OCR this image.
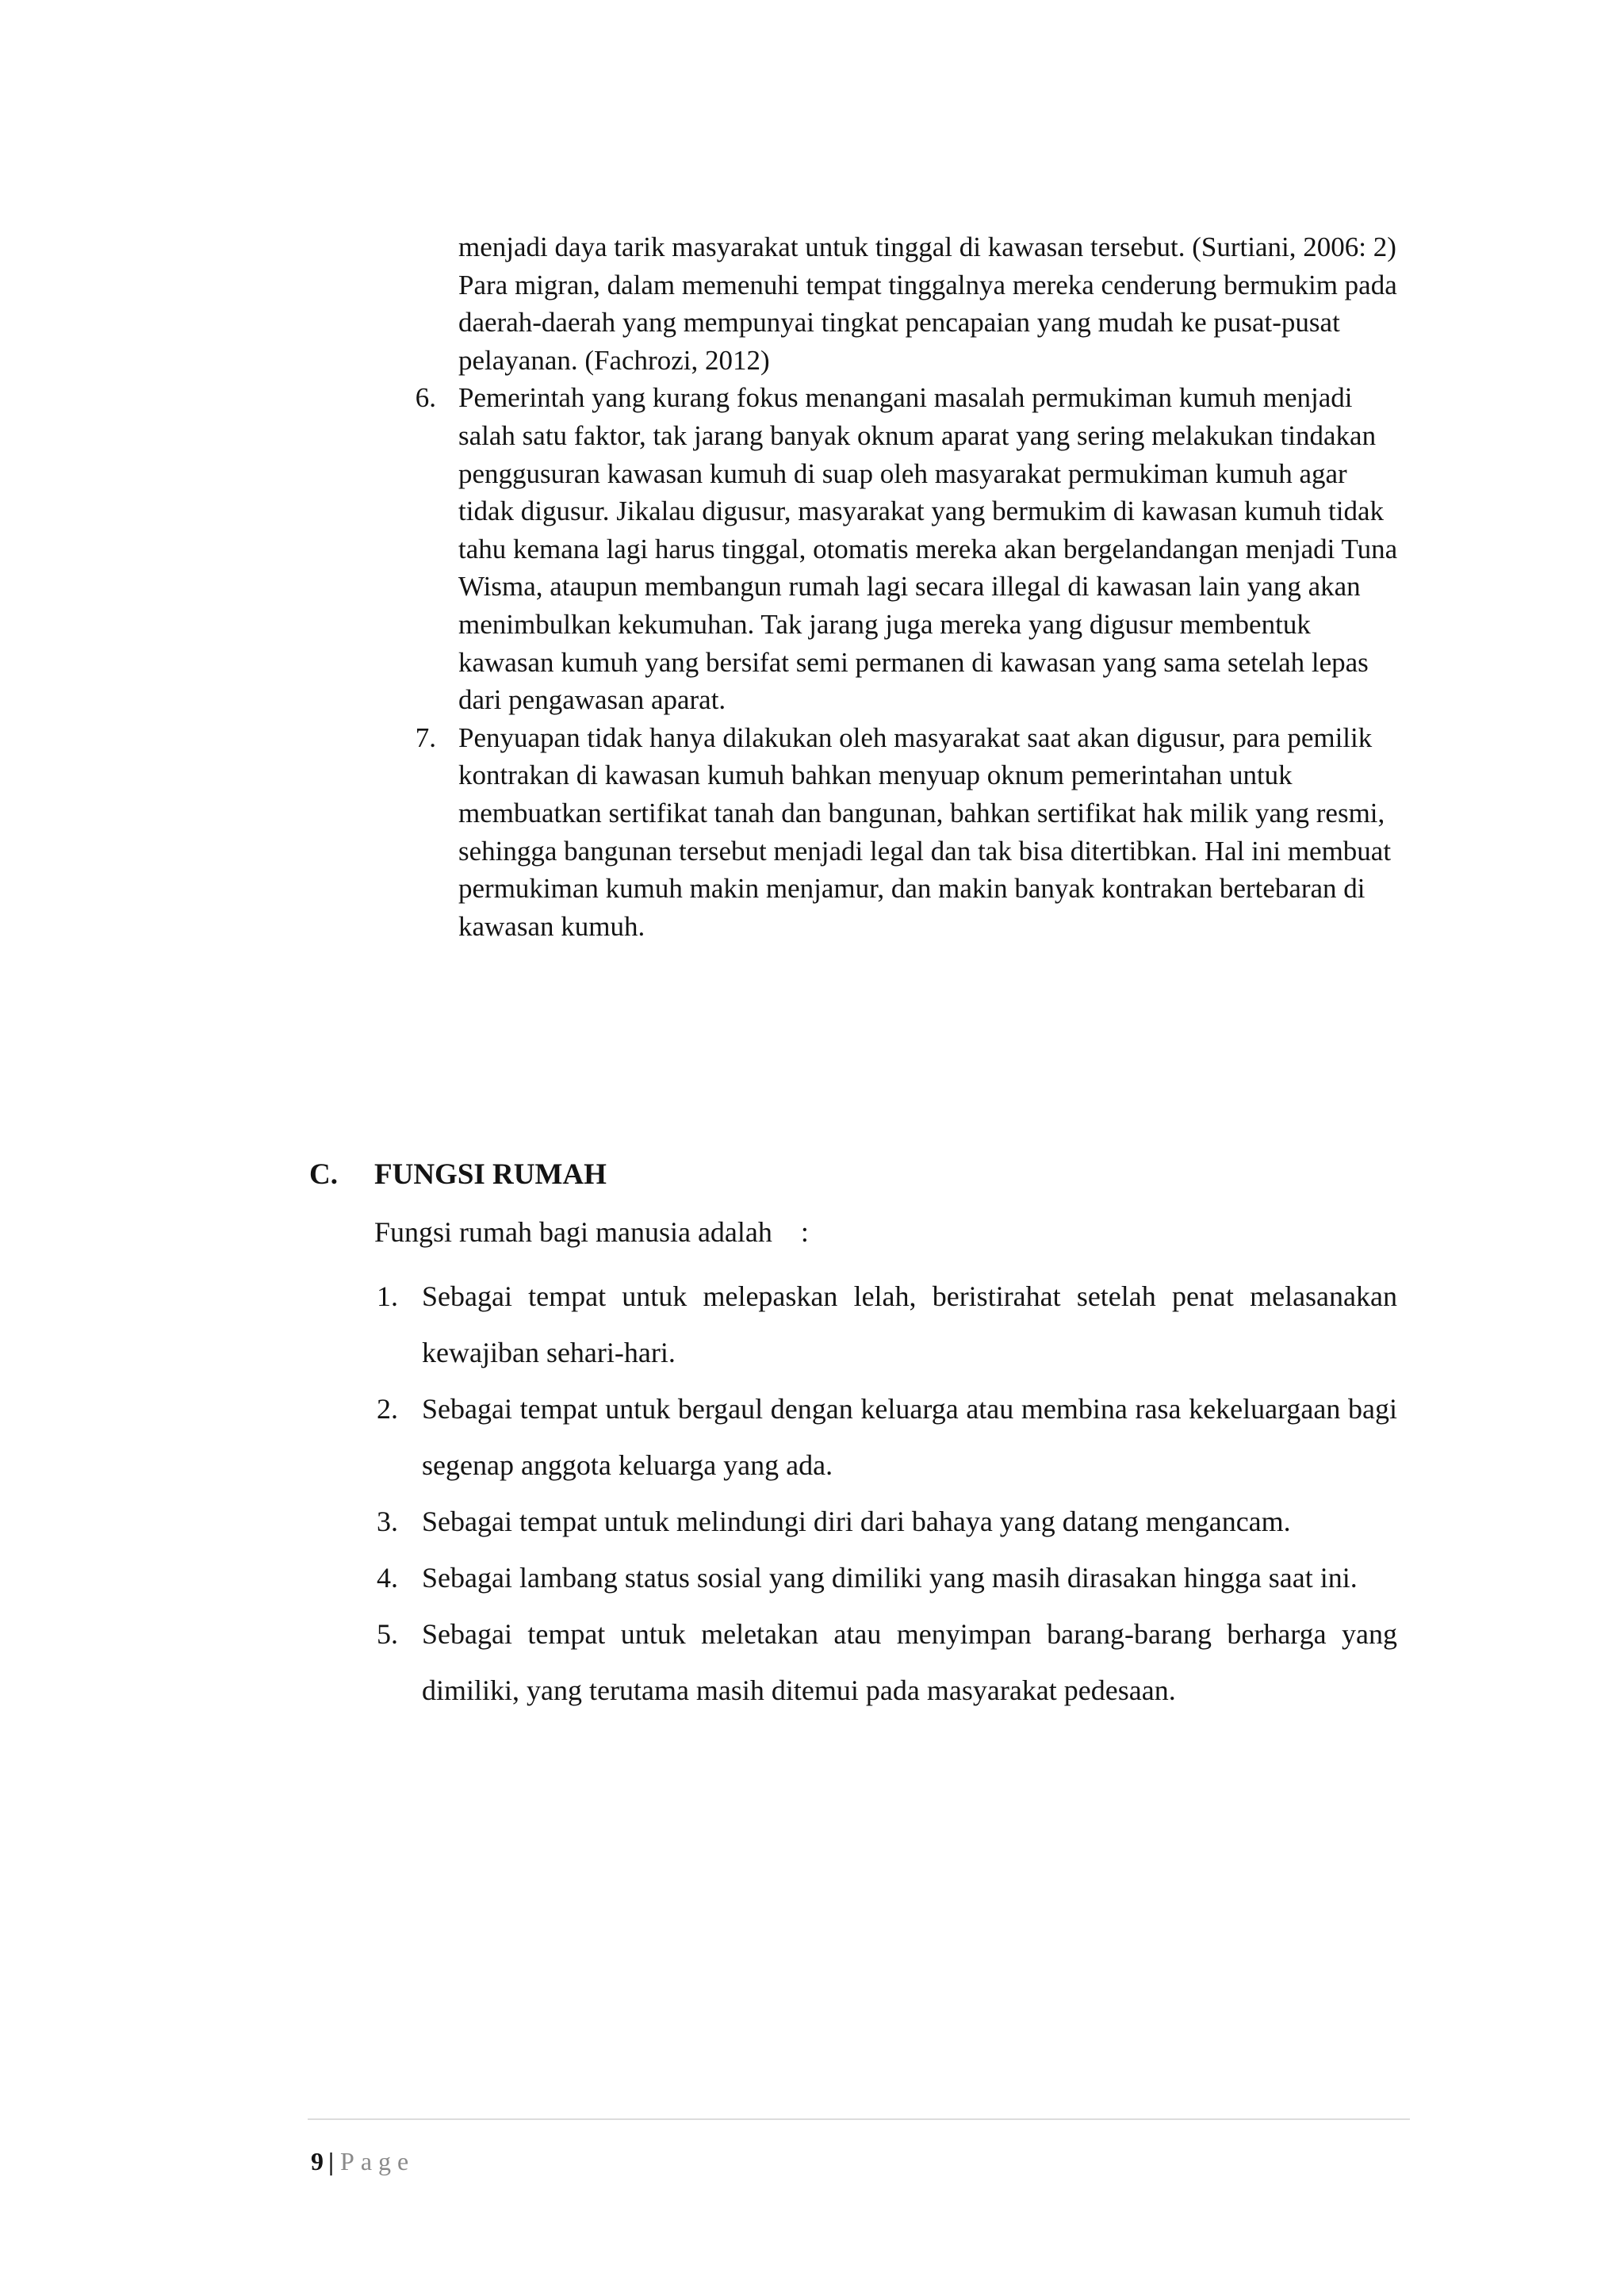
menjadi daya tarik masyarakat untuk tinggal di kawasan tersebut. (Surtiani, 2006: 2) Para migran, dalam memenuhi tempat tinggalnya mereka cenderung bermukim pada daerah-daerah yang mempunyai tingkat pencapaian yang mudah ke pusat-pusat pelayanan. (Fachrozi, 2012)
6. Pemerintah yang kurang fokus menangani masalah permukiman kumuh menjadi salah satu faktor, tak jarang banyak oknum aparat yang sering melakukan tindakan penggusuran kawasan kumuh di suap oleh masyarakat permukiman kumuh agar tidak digusur. Jikalau digusur, masyarakat yang bermukim di kawasan kumuh tidak tahu kemana lagi harus tinggal, otomatis mereka akan bergelandangan menjadi Tuna Wisma, ataupun membangun rumah lagi secara illegal di kawasan lain yang akan menimbulkan kekumuhan. Tak jarang juga mereka yang digusur membentuk kawasan kumuh yang bersifat semi permanen di kawasan yang sama setelah lepas dari pengawasan aparat.
7. Penyuapan tidak hanya dilakukan oleh masyarakat saat akan digusur, para pemilik kontrakan di kawasan kumuh bahkan menyuap oknum pemerintahan untuk membuatkan sertifikat tanah dan bangunan, bahkan sertifikat hak milik yang resmi, sehingga bangunan tersebut menjadi legal dan tak bisa ditertibkan. Hal ini membuat permukiman kumuh makin menjamur, dan makin banyak kontrakan bertebaran di kawasan kumuh.
C. FUNGSI RUMAH
Fungsi rumah bagi manusia adalah :
1. Sebagai tempat untuk melepaskan lelah, beristirahat setelah penat melasanakan kewajiban sehari-hari.
2. Sebagai tempat untuk bergaul dengan keluarga atau membina rasa kekeluargaan bagi segenap anggota keluarga yang ada.
3. Sebagai tempat untuk melindungi diri dari bahaya yang datang mengancam.
4. Sebagai lambang status sosial yang dimiliki yang masih dirasakan hingga saat ini.
5. Sebagai tempat untuk meletakan atau menyimpan barang-barang berharga yang dimiliki, yang terutama masih ditemui pada masyarakat pedesaan.
9 | Page
